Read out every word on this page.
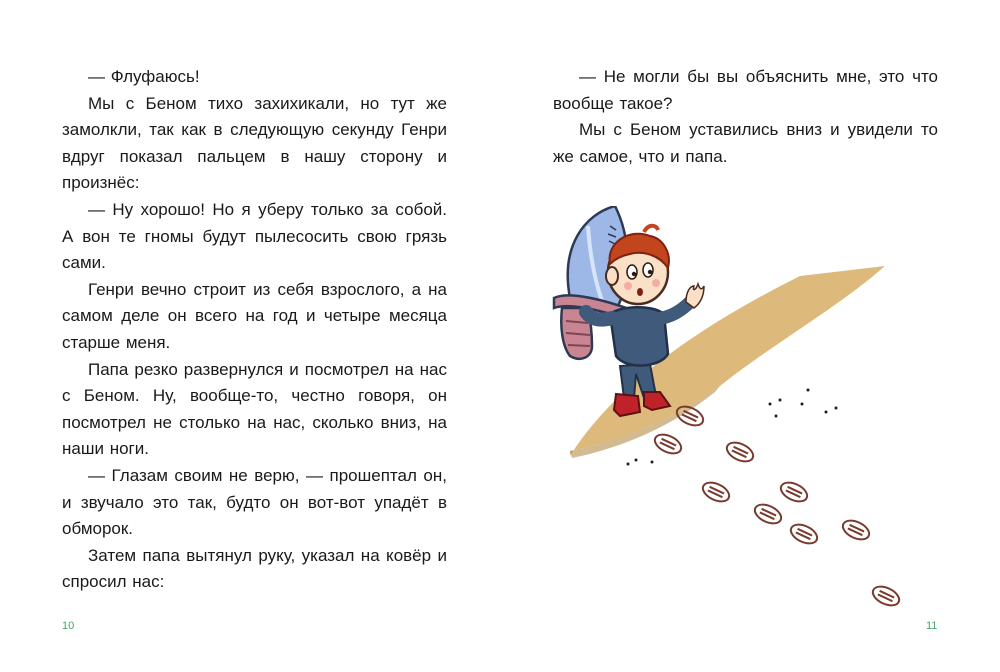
— Флуфаюсь!

Мы с Беном тихо захихикали, но тут же замолкли, так как в следующую секунду Генри вдруг показал пальцем в нашу сторону и произнёс:

— Ну хорошо! Но я уберу только за собой. А вон те гномы будут пылесосить свою грязь сами.

Генри вечно строит из себя взрослого, а на самом деле он всего на год и четыре месяца старше меня.

Папа резко развернулся и посмотрел на нас с Беном. Ну, вообще-то, честно говоря, он посмотрел не столько на нас, сколько вниз, на наши ноги.

— Глазам своим не верю, — прошептал он, и звучало это так, будто он вот-вот упадёт в обморок.

Затем папа вытянул руку, указал на ковёр и спросил нас:

10

— Не могли бы вы объяснить мне, это что вообще такое?

Мы с Беном уставились вниз и увидели то же самое, что и папа.

11
